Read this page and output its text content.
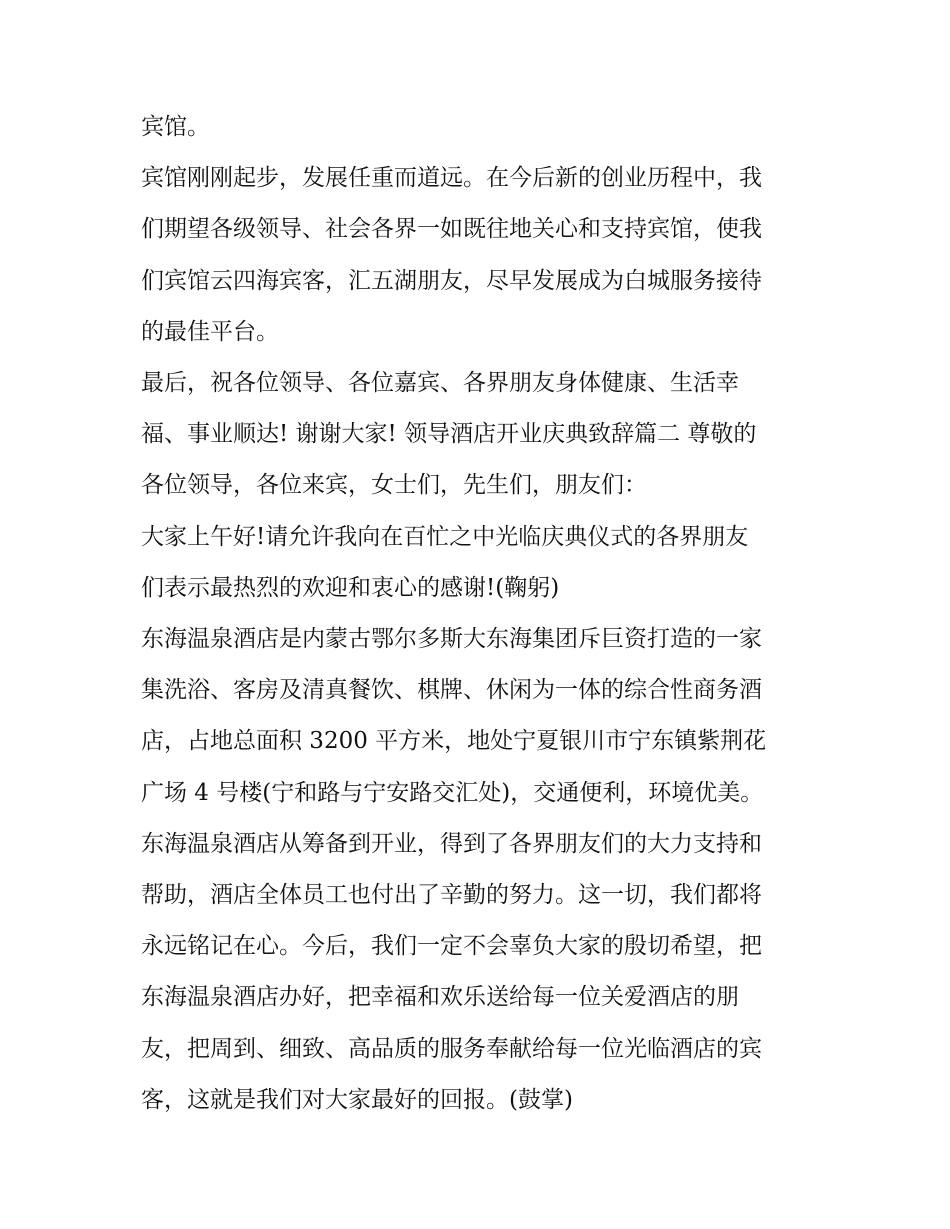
宾馆。

宾馆刚刚起步，发展任重而道远。在今后新的创业历程中，我
们期望各级领导、社会各界一如既往地关心和支持宾馆，使我
们宾馆云四海宾客，汇五湖朋友，尽早发展成为白城服务接待
的最佳平台。

最后，祝各位领导、各位嘉宾、各界朋友身体健康、生活幸
福、事业顺达! 谢谢大家! 领导酒店开业庆典致辞篇二 尊敬的
各位领导，各位来宾，女士们，先生们，朋友们：

大家上午好!请允许我向在百忙之中光临庆典仪式的各界朋友
们表示最热烈的欢迎和衷心的感谢!(鞠躬)

东海温泉酒店是内蒙古鄂尔多斯大东海集团斥巨资打造的一家
集洗浴、客房及清真餐饮、棋牌、休闲为一体的综合性商务酒
店，占地总面积 3200 平方米，地处宁夏银川市宁东镇紫荆花
广场 4 号楼(宁和路与宁安路交汇处)，交通便利，环境优美。

东海温泉酒店从筹备到开业，得到了各界朋友们的大力支持和
帮助，酒店全体员工也付出了辛勤的努力。这一切，我们都将
永远铭记在心。今后，我们一定不会辜负大家的殷切希望，把
东海温泉酒店办好，把幸福和欢乐送给每一位关爱酒店的朋
友，把周到、细致、高品质的服务奉献给每一位光临酒店的宾
客，这就是我们对大家最好的回报。(鼓掌)
